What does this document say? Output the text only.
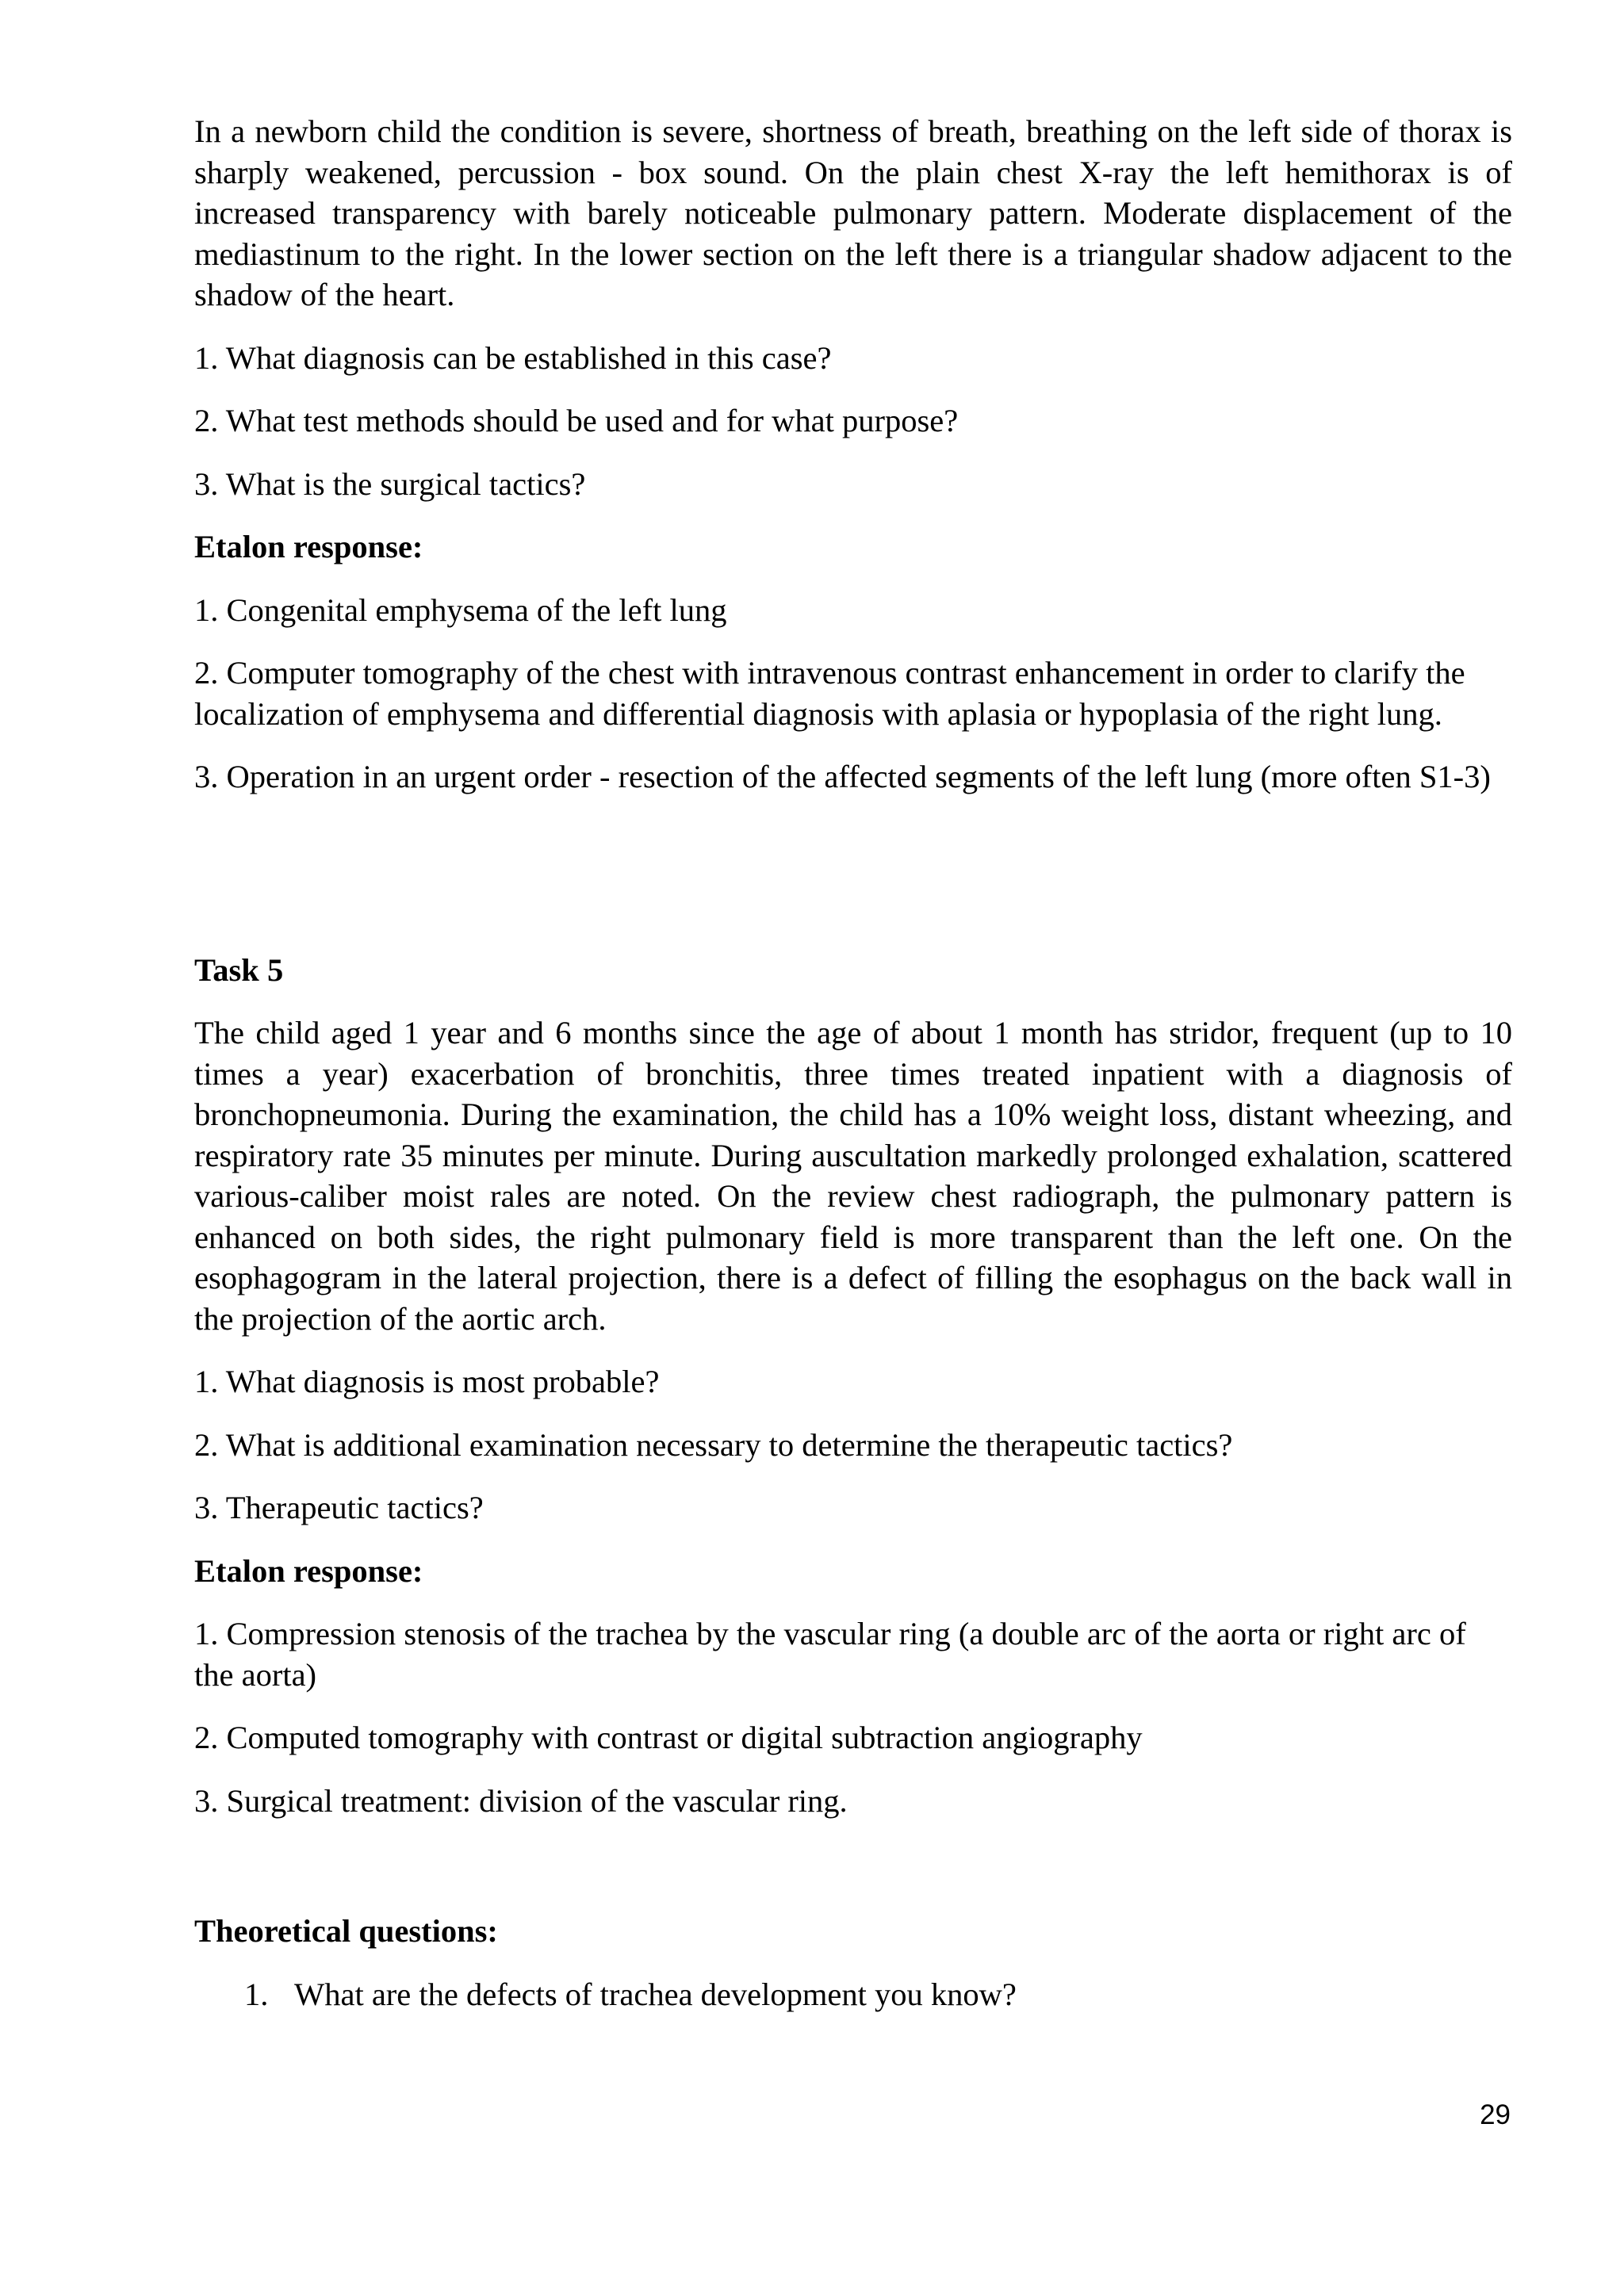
In a newborn child the condition is severe, shortness of breath, breathing on the left side of thorax is sharply weakened, percussion - box sound. On the plain chest X-ray the left hemithorax is of increased transparency with barely noticeable pulmonary pattern. Moderate displacement of the mediastinum to the right. In the lower section on the left there is a triangular shadow adjacent to the shadow of the heart.

1. What diagnosis can be established in this case?

2. What test methods should be used and for what purpose?

3. What is the surgical tactics?

Etalon response:

1. Congenital emphysema of the left lung

2. Computer tomography of the chest with intravenous contrast enhancement in order to clarify the localization of emphysema and differential diagnosis with aplasia or hypoplasia of the right lung.

3. Operation in an urgent order - resection of the affected segments of the left lung (more often S1-3)

Task 5

The child aged 1 year and 6 months since the age of about 1 month has stridor, frequent (up to 10 times a year) exacerbation of bronchitis, three times treated inpatient with a diagnosis of bronchopneumonia. During the examination, the child has a 10% weight loss, distant wheezing, and respiratory rate 35 minutes per minute. During auscultation markedly prolonged exhalation, scattered various-caliber moist rales are noted. On the review chest radiograph, the pulmonary pattern is enhanced on both sides, the right pulmonary field is more transparent than the left one. On the esophagogram in the lateral projection, there is a defect of filling the esophagus on the back wall in the projection of the aortic arch.

1. What diagnosis is most probable?

2. What is additional examination necessary to determine the therapeutic tactics?

3. Therapeutic tactics?

Etalon response:

1. Compression stenosis of the trachea by the vascular ring (a double arc of the aorta or right arc of the aorta)

2. Computed tomography with contrast or digital subtraction angiography

3. Surgical treatment: division of the vascular ring.

Theoretical questions:

1. What are the defects of trachea development you know?
29
